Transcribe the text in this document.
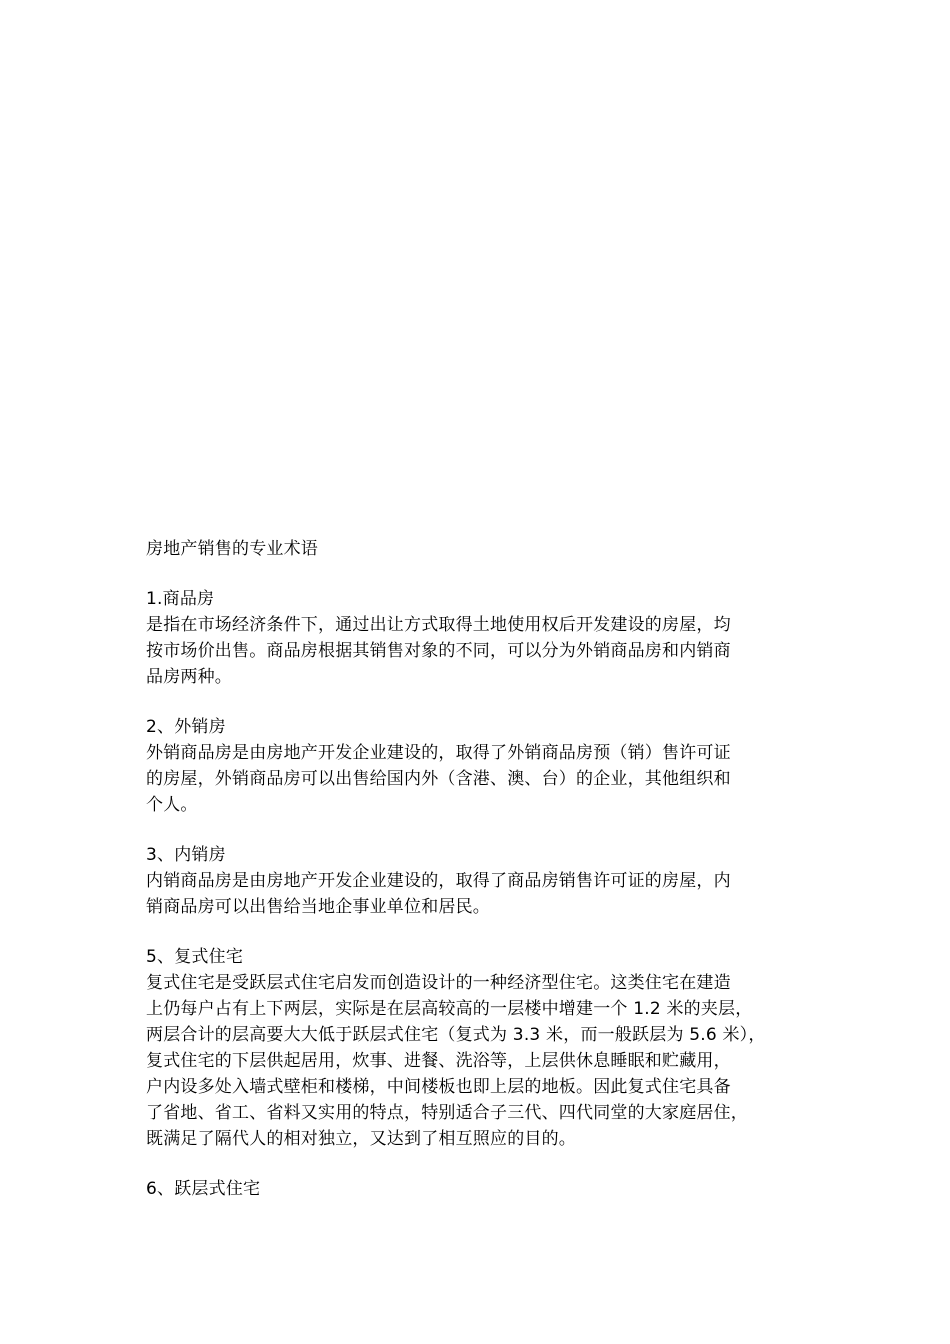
房地产销售的专业术语
1.商品房

是指在市场经济条件下，通过出让方式取得土地使用权后开发建设的房屋，均
按市场价出售。商品房根据其销售对象的不同，可以分为外销商品房和内销商
品房两种。

2、外销房

外销商品房是由房地产开发企业建设的，取得了外销商品房预（销）售许可证
的房屋，外销商品房可以出售给国内外（含港、澳、台）的企业，其他组织和
个人。

3、内销房

内销商品房是由房地产开发企业建设的，取得了商品房销售许可证的房屋，内
销商品房可以出售给当地企事业单位和居民。

5、复式住宅

复式住宅是受跃层式住宅启发而创造设计的一种经济型住宅。这类住宅在建造
上仍每户占有上下两层，实际是在层高较高的一层楼中增建一个 1.2 米的夹层，
两层合计的层高要大大低于跃层式住宅（复式为 3.3 米，而一般跃层为 5.6 米），
复式住宅的下层供起居用，炊事、进餐、洗浴等，上层供休息睡眠和贮藏用，
户内设多处入墙式壁柜和楼梯，中间楼板也即上层的地板。因此复式住宅具备
了省地、省工、省料又实用的特点，特别适合子三代、四代同堂的大家庭居住，
既满足了隔代人的相对独立，又达到了相互照应的目的。

6、跃层式住宅
